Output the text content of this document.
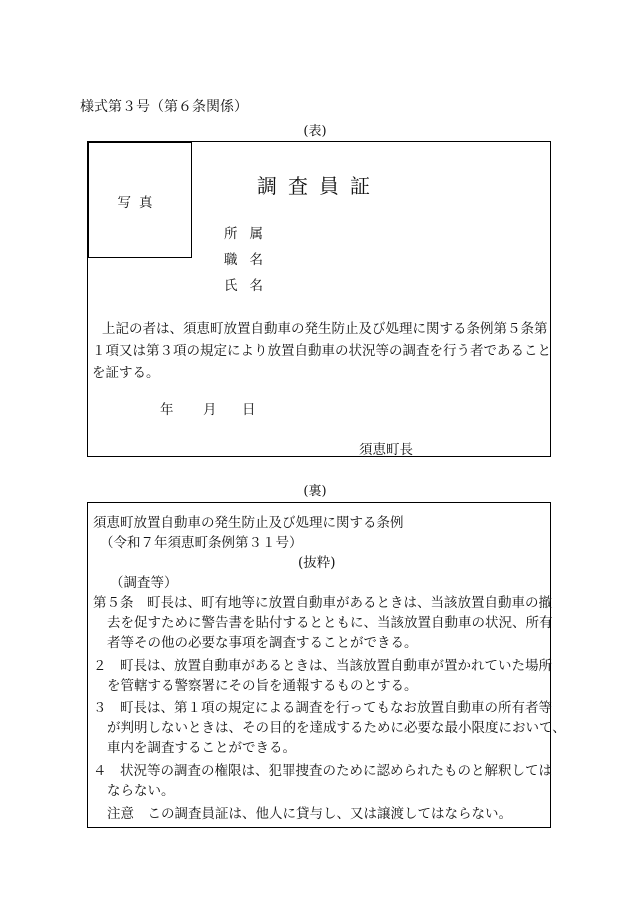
様式第３号（第６条関係）
(表)
調査員証
写真
所属
職名
氏名
上記の者は、須恵町放置自動車の発生防止及び処理に関する条例第５条第
１項又は第３項の規定により放置自動車の状況等の調査を行う者であること
を証する。
年 月 日
須恵町長
(裏)
須恵町放置自動車の発生防止及び処理に関する条例
（令和７年須恵町条例第３１号）
(抜粋)
（調査等）
第５条　町長は、町有地等に放置自動車があるときは、当該放置自動車の撤
去を促すために警告書を貼付するとともに、当該放置自動車の状況、所有
者等その他の必要な事項を調査することができる。
２　町長は、放置自動車があるときは、当該放置自動車が置かれていた場所
を管轄する警察署にその旨を通報するものとする。
３　町長は、第１項の規定による調査を行ってもなお放置自動車の所有者等
が判明しないときは、その目的を達成するために必要な最小限度において、
車内を調査することができる。
４　状況等の調査の権限は、犯罪捜査のために認められたものと解釈しては
ならない。
注意　この調査員証は、他人に貸与し、又は譲渡してはならない。
